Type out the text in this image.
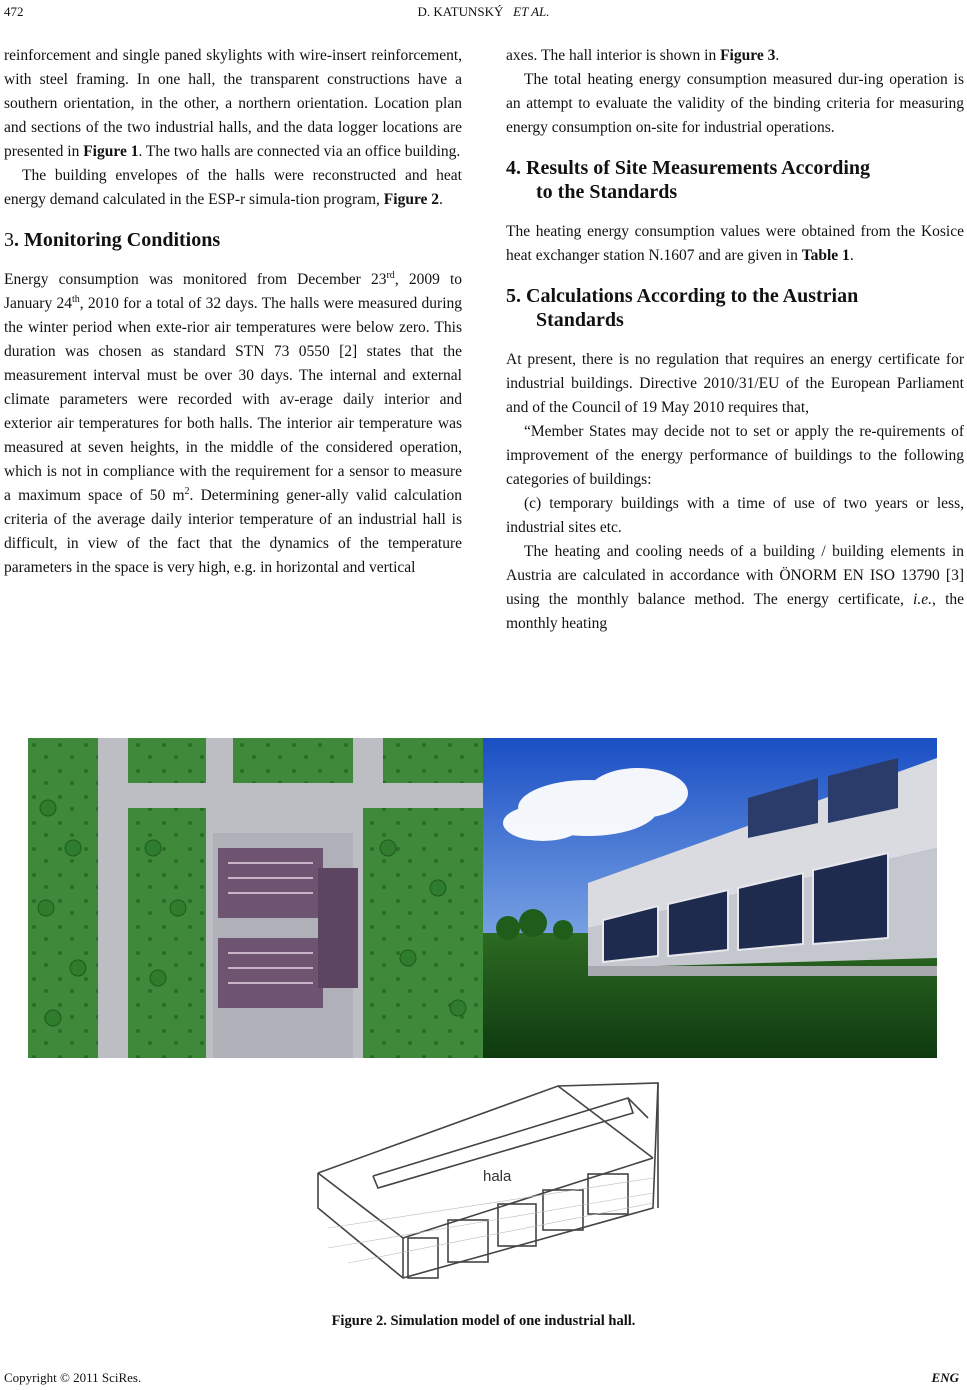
472	D. KATUNSKÝ ET AL.

reinforcement and single paned skylights with wire-insert reinforcement, with steel framing. In one hall, the transparent constructions have a southern orientation, in the other, a northern orientation. Location plan and sections of the two industrial halls, and the data logger locations are presented in Figure 1. The two halls are connected via an office building.

The building envelopes of the halls were reconstructed and heat energy demand calculated in the ESP-r simula-tion program, Figure 2.

3. Monitoring Conditions

Energy consumption was monitored from December 23rd, 2009 to January 24th, 2010 for a total of 32 days. The halls were measured during the winter period when exte-rior air temperatures were below zero. This duration was chosen as standard STN 73 0550 [2] states that the measurement interval must be over 30 days. The internal and external climate parameters were recorded with av-erage daily interior and exterior air temperatures for both halls. The interior air temperature was measured at seven heights, in the middle of the considered operation, which is not in compliance with the requirement for a sensor to measure a maximum space of 50 $m^2$. Determining gener-ally valid calculation criteria of the average daily interior temperature of an industrial hall is difficult, in view of the fact that the dynamics of the temperature parameters in the space is very high, e.g. in horizontal and vertical

axes. The hall interior is shown in Figure 3.

The total heating energy consumption measured dur-ing operation is an attempt to evaluate the validity of the binding criteria for measuring energy consumption on-site for industrial operations.

4. Results of Site Measurements According
to the Standards

The heating energy consumption values were obtained from the Kosice heat exchanger station N.1607 and are given in Table 1.

5. Calculations According to the Austrian
Standards

At present, there is no regulation that requires an energy certificate for industrial buildings. Directive 2010/31/EU of the European Parliament and of the Council of 19 May 2010 requires that,

“Member States may decide not to set or apply the re-quirements of improvement of the energy performance of buildings to the following categories of buildings:

(c) temporary buildings with a time of use of two years or less, industrial sites etc.

The heating and cooling needs of a building / building elements in Austria are calculated in accordance with ÖNORM EN ISO 13790 [3] using the monthly balance method. The energy certificate, i.e., the monthly heating

hala
Figure 2. Simulation model of one industrial hall.
Copyright © 2011 SciRes.	ENG
